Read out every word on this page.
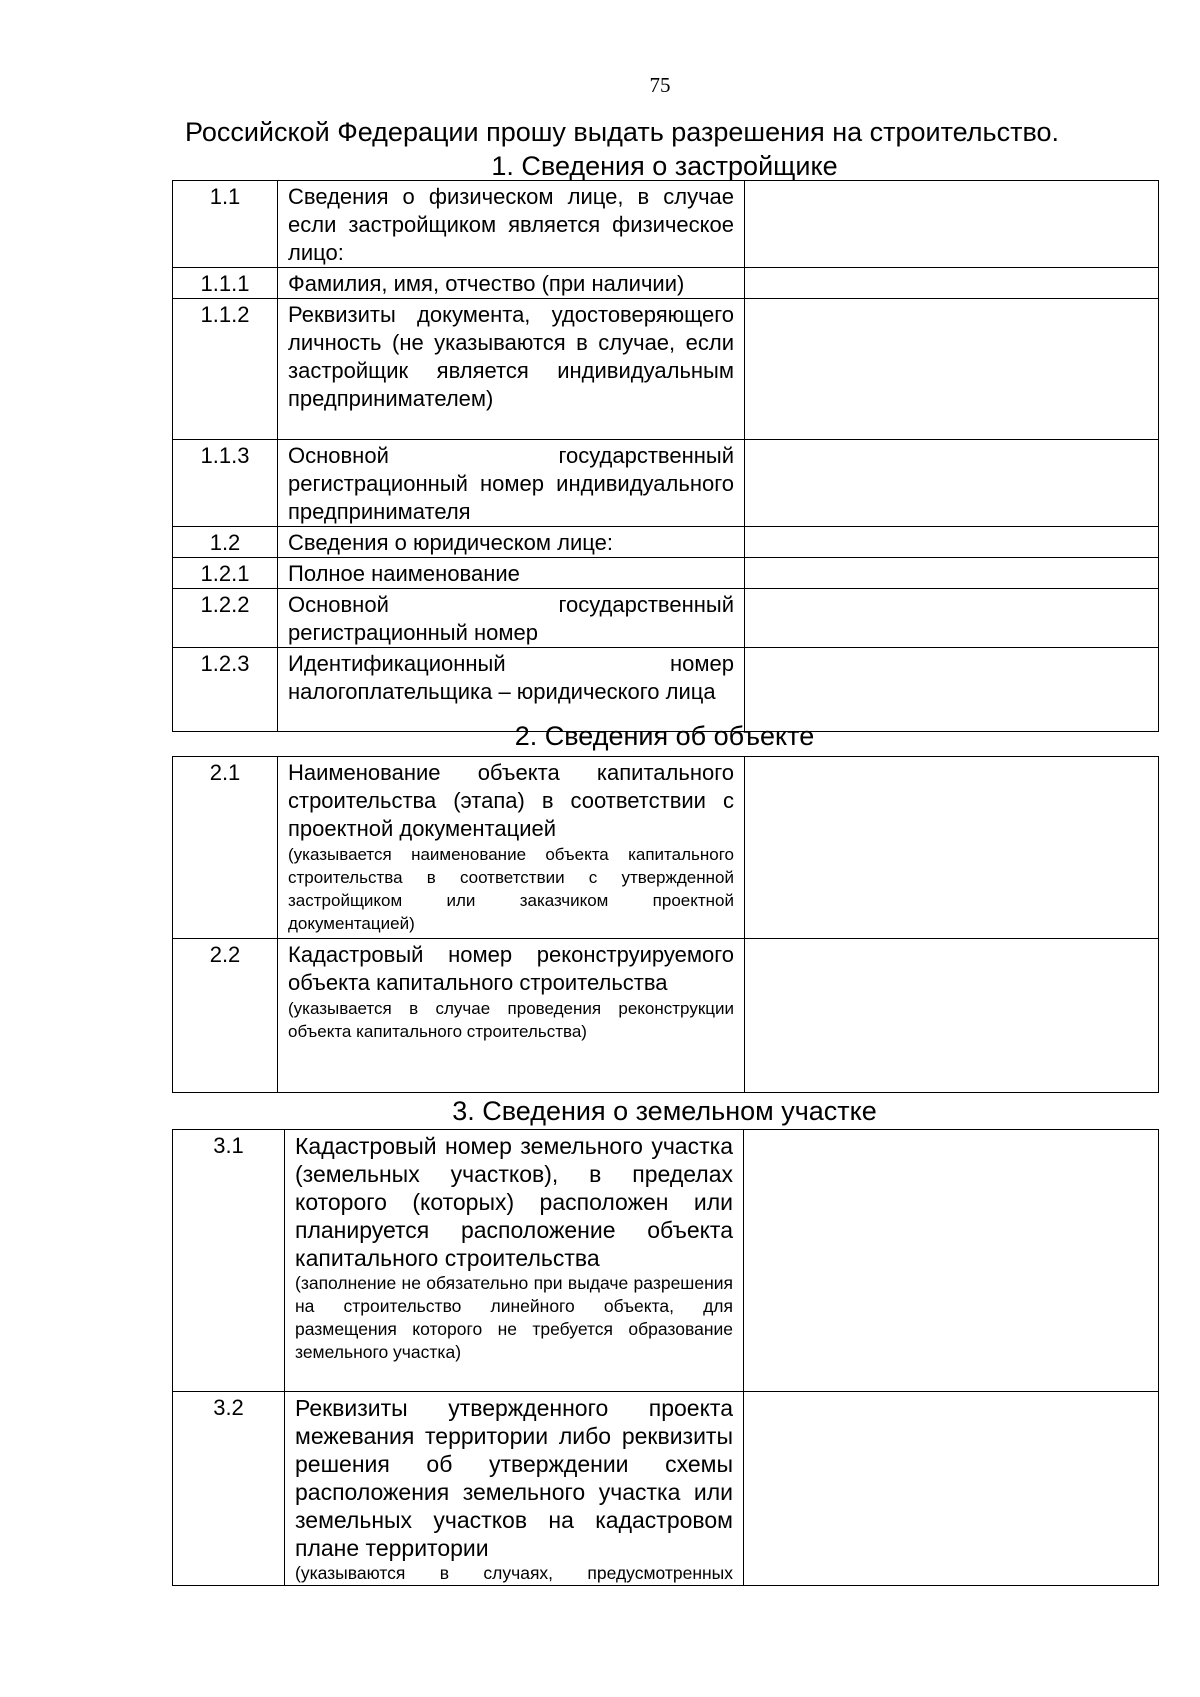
75
Российской Федерации прошу выдать разрешения на строительство.
1. Сведения о застройщике
1.1	Сведения о физическом лице, в случае если застройщиком является физическое лицо:	
1.1.1	Фамилия, имя, отчество (при наличии)	
1.1.2	Реквизиты документа, удостоверяющего личность (не указываются в случае, если застройщик является индивидуальным предпринимателем)	
1.1.3	Основной государственный регистрационный номер индивидуального предпринимателя	
1.2	Сведения о юридическом лице:	
1.2.1	Полное наименование	
1.2.2	Основной государственный регистрационный номер	
1.2.3	Идентификационный номер налогоплательщика – юридического лица	
2. Сведения об объекте
2.1	Наименование объекта капитального строительства (этапа) в соответствии с проектной документацией
(указывается наименование объекта капитального строительства в соответствии с утвержденной застройщиком или заказчиком проектной документацией)	

2.2	Кадастровый номер реконструируемого объекта капитального строительства
(указывается в случае проведения реконструкции объекта капитального строительства)	

3. Сведения о земельном участке
3.1	Кадастровый номер земельного участка (земельных участков), в пределах которого (которых) расположен или планируется расположение объекта капитального строительства
(заполнение не обязательно при выдаче разрешения на строительство линейного объекта, для размещения которого не требуется образование земельного участка)	

3.2	Реквизиты утвержденного проекта межевания территории либо реквизиты решения об утверждении схемы расположения земельного участка или земельных участков на кадастровом плане территории
(указываются в случаях, предусмотренных	
